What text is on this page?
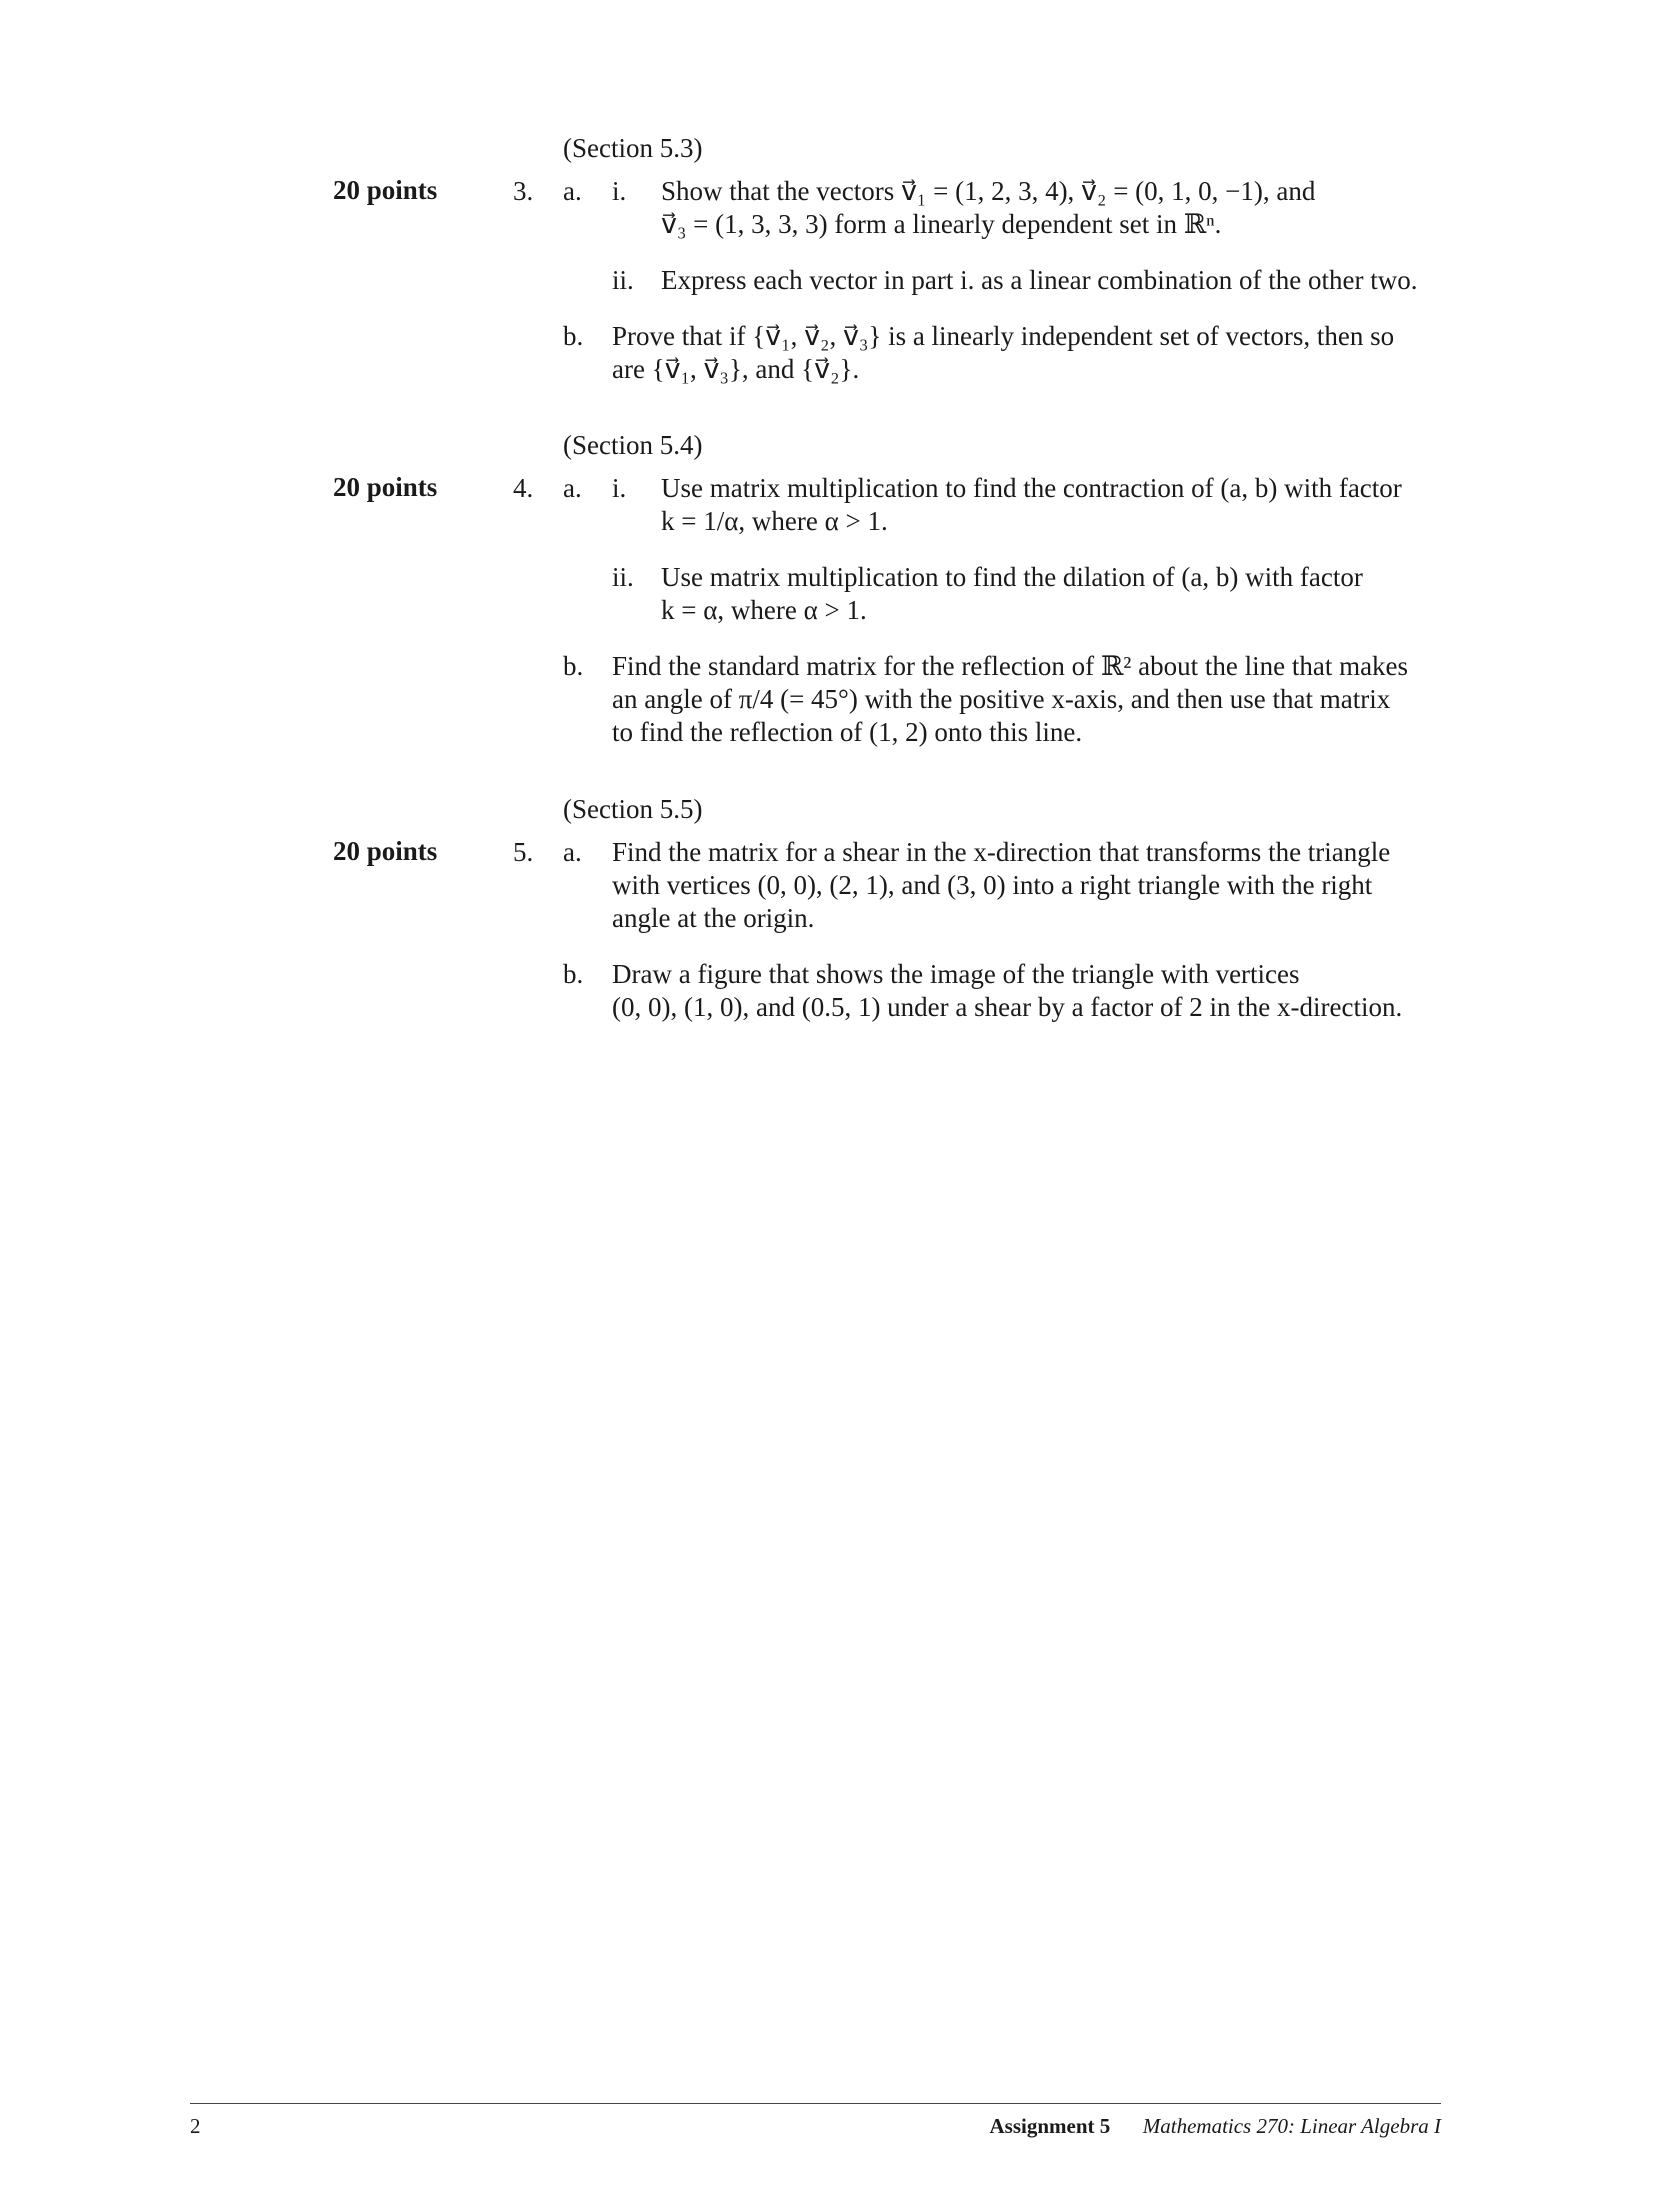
(Section 5.3)
20 points	3. a. i. Show that the vectors v⃗₁ = (1, 2, 3, 4), v⃗₂ = (0, 1, 0, −1), and
v⃗₃ = (1, 3, 3, 3) form a linearly dependent set in ℝⁿ.
ii. Express each vector in part i. as a linear combination of the other two.
b. Prove that if {v⃗₁, v⃗₂, v⃗₃} is a linearly independent set of vectors, then so
are {v⃗₁, v⃗₃}, and {v⃗₂}.
(Section 5.4)
20 points	4. a. i. Use matrix multiplication to find the contraction of (a, b) with factor
k = 1/α, where α > 1.
ii. Use matrix multiplication to find the dilation of (a, b) with factor
k = α, where α > 1.
b. Find the standard matrix for the reflection of ℝ² about the line that makes
an angle of π/4 (= 45°) with the positive x-axis, and then use that matrix
to find the reflection of (1, 2) onto this line.
(Section 5.5)
20 points	5. a. Find the matrix for a shear in the x-direction that transforms the triangle
with vertices (0, 0), (2, 1), and (3, 0) into a right triangle with the right
angle at the origin.
b. Draw a figure that shows the image of the triangle with vertices
(0, 0), (1, 0), and (0.5, 1) under a shear by a factor of 2 in the x-direction.
2	Assignment 5 Mathematics 270: Linear Algebra I
